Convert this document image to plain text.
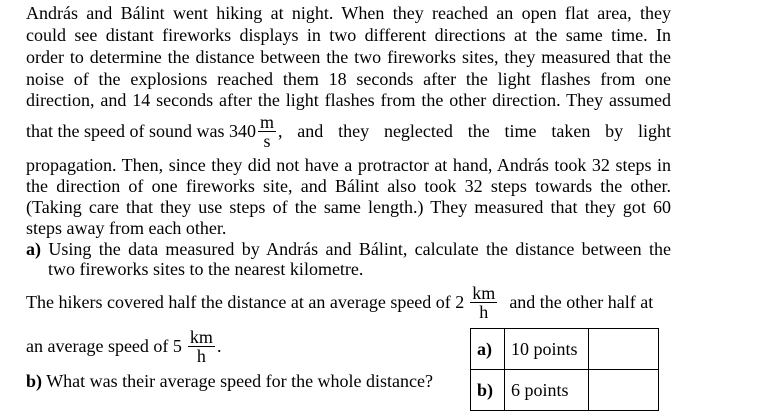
András and Bálint went hiking at night. When they reached an open flat area, they
could see distant fireworks displays in two different directions at the same time. In
order to determine the distance between the two fireworks sites, they measured that the
noise of the explosions reached them 18 seconds after the light flashes from one
direction, and 14 seconds after the light flashes from the other direction. They assumed
that the speed of sound was $340 \frac{m}{s}$ , and they neglected the time taken by light
propagation. Then, since they did not have a protractor at hand, András took 32 steps in
the direction of one fireworks site, and Bálint also took 32 steps towards the other.
(Taking care that they use steps of the same length.) They measured that they got 60
steps away from each other.
a) Using the data measured by András and Bálint, calculate the distance between the
two fireworks sites to the nearest kilometre.
The hikers covered half the distance at an average speed of $2 \frac{km}{h}$ and the other half at
an average speed of $5 \frac{km}{h}$ .
b) What was their average speed for the whole distance?
a)	10 points	
b)	6 points	
